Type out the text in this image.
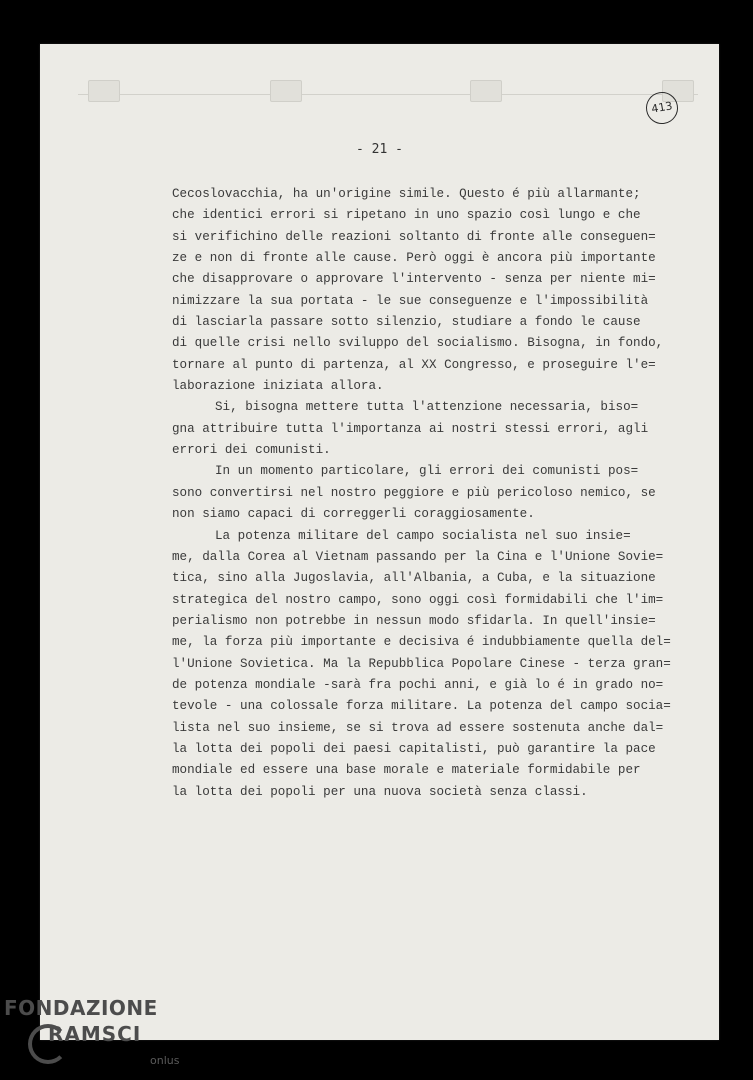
413
- 21 -
Cecoslovacchia, ha un'origine simile. Questo é più allarmante;
che identici errori si ripetano in uno spazio così lungo e che
si verifichino delle reazioni soltanto di fronte alle conseguen=
ze e non di fronte alle cause. Però oggi è ancora più importante
che disapprovare o approvare l'intervento - senza per niente mi=
nimizzare la sua portata - le sue conseguenze e l'impossibilità
di lasciarla passare sotto silenzio, studiare a fondo le cause
di quelle crisi nello sviluppo del socialismo. Bisogna, in fondo,
tornare al punto di partenza, al XX Congresso, e proseguire l'e=
laborazione iniziata allora.
Si, bisogna mettere tutta l'attenzione necessaria, biso=
gna attribuire tutta l'importanza ai nostri stessi errori, agli
errori dei comunisti.
In un momento particolare, gli errori dei comunisti pos=
sono convertirsi nel nostro peggiore e più pericoloso nemico, se
non siamo capaci di correggerli coraggiosamente.
La potenza militare del campo socialista nel suo insie=
me, dalla Corea al Vietnam passando per la Cina e l'Unione Sovie=
tica, sino alla Jugoslavia, all'Albania, a Cuba, e la situazione
strategica del nostro campo, sono oggi così formidabili che l'im=
perialismo non potrebbe in nessun modo sfidarla. In quell'insie=
me, la forza più importante e decisiva é indubbiamente quella del=
l'Unione Sovietica. Ma la Repubblica Popolare Cinese - terza gran=
de potenza mondiale -sarà fra pochi anni, e già lo é in grado no=
tevole - una colossale forza militare. La potenza del campo socia=
lista nel suo insieme, se si trova ad essere sostenuta anche dal=
la lotta dei popoli dei paesi capitalisti, può garantire la pace
mondiale ed essere una base morale e materiale formidabile per
la lotta dei popoli per una nuova società senza classi.
FONDAZIONE
RAMSCI
onlus
